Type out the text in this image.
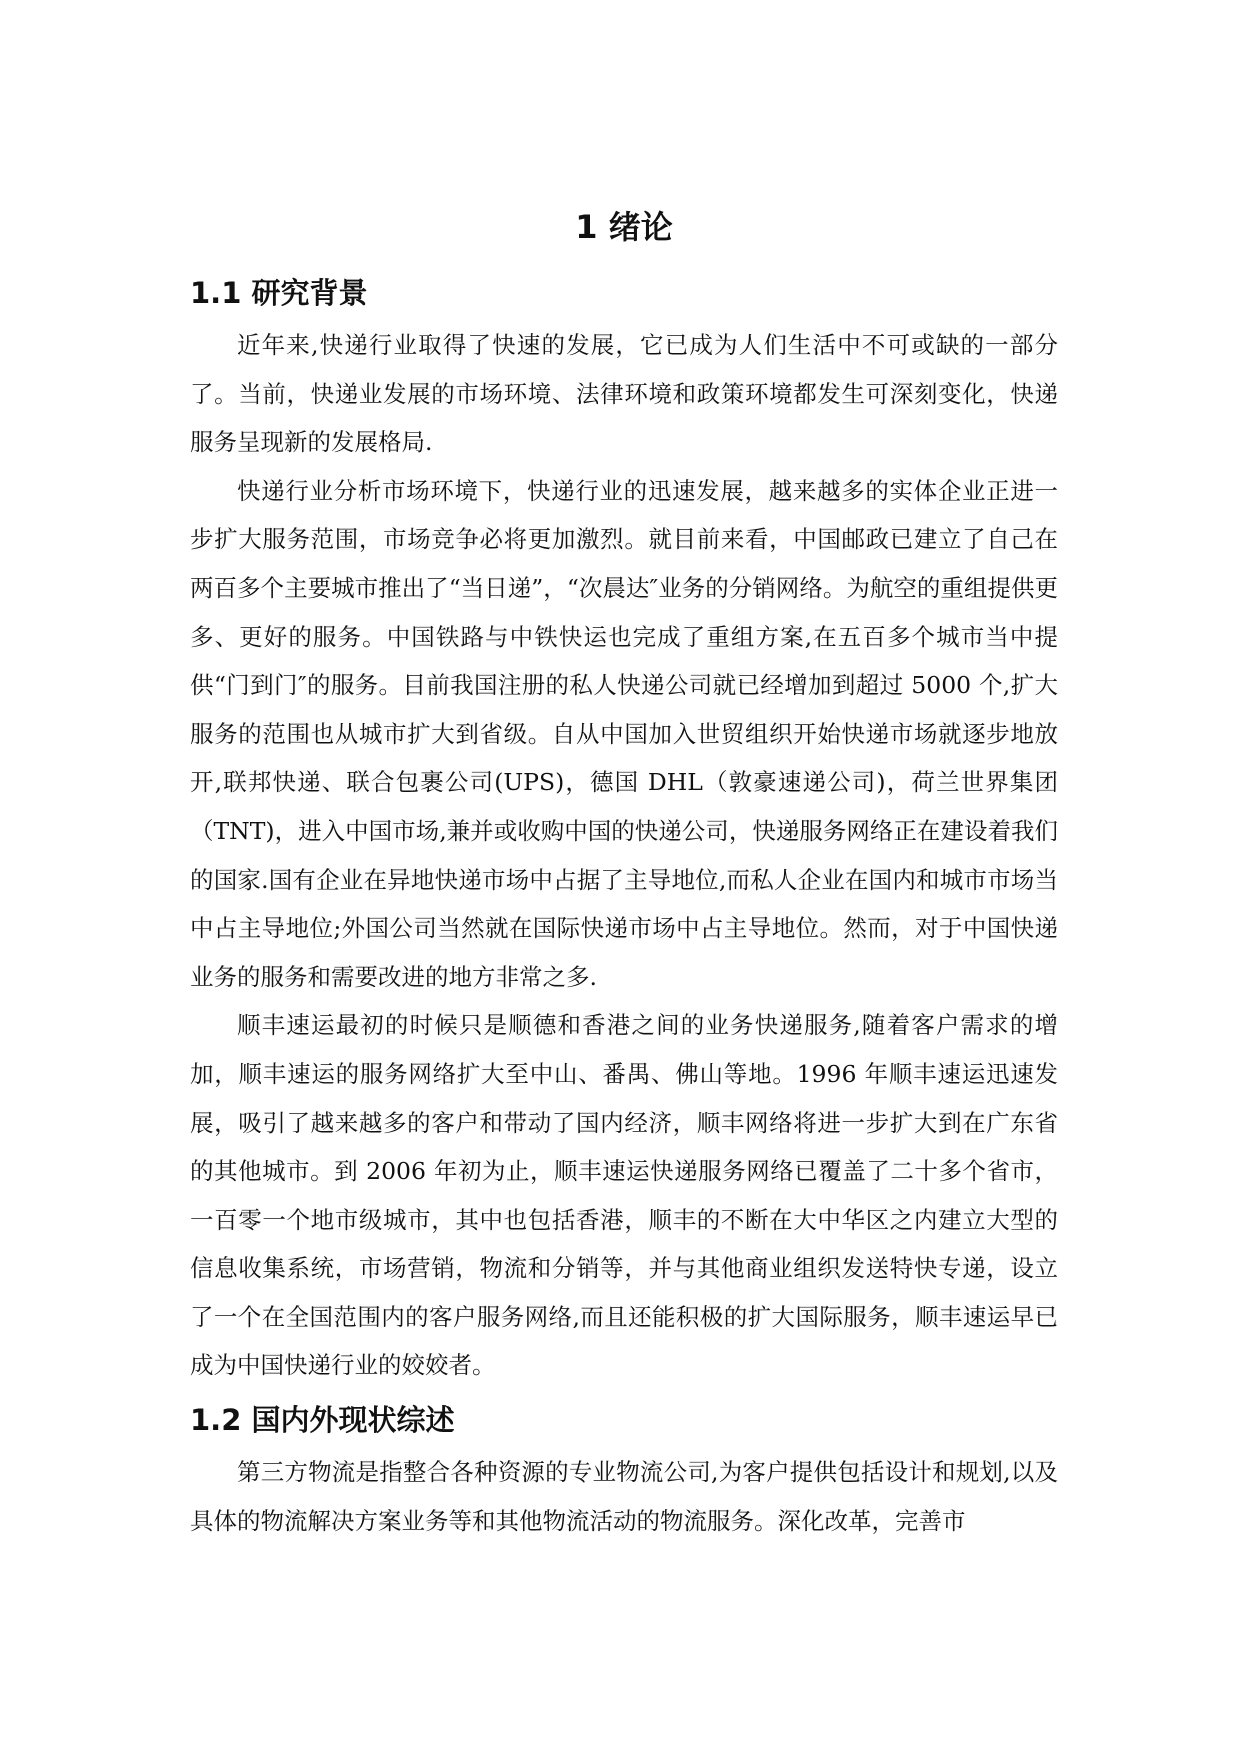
1 绪论
1.1 研究背景

近年来,快递行业取得了快速的发展，它已成为人们生活中不可或缺的一部分了。当前，快递业发展的市场环境、法律环境和政策环境都发生可深刻变化，快递服务呈现新的发展格局.

快递行业分析市场环境下，快递行业的迅速发展，越来越多的实体企业正进一步扩大服务范围，市场竞争必将更加激烈。就目前来看，中国邮政已建立了自己在两百多个主要城市推出了“当日递”，“次晨达″业务的分销网络。为航空的重组提供更多、更好的服务。中国铁路与中铁快运也完成了重组方案,在五百多个城市当中提供“门到门″的服务。目前我国注册的私人快递公司就已经增加到超过 5000 个,扩大服务的范围也从城市扩大到省级。自从中国加入世贸组织开始快递市场就逐步地放开,联邦快递、联合包裹公司(UPS)，德国 DHL（敦豪速递公司)，荷兰世界集团（TNT)，进入中国市场,兼并或收购中国的快递公司，快递服务网络正在建设着我们的国家.国有企业在异地快递市场中占据了主导地位,而私人企业在国内和城市市场当中占主导地位;外国公司当然就在国际快递市场中占主导地位。然而，对于中国快递业务的服务和需要改进的地方非常之多.

顺丰速运最初的时候只是顺德和香港之间的业务快递服务,随着客户需求的增加，顺丰速运的服务网络扩大至中山、番禺、佛山等地。1996 年顺丰速运迅速发展，吸引了越来越多的客户和带动了国内经济，顺丰网络将进一步扩大到在广东省的其他城市。到 2006 年初为止，顺丰速运快递服务网络已覆盖了二十多个省市，一百零一个地市级城市，其中也包括香港，顺丰的不断在大中华区之内建立大型的信息收集系统，市场营销，物流和分销等，并与其他商业组织发送特快专递，设立了一个在全国范围内的客户服务网络,而且还能积极的扩大国际服务，顺丰速运早已成为中国快递行业的姣姣者。

1.2 国内外现状综述

第三方物流是指整合各种资源的专业物流公司,为客户提供包括设计和规划,以及具体的物流解决方案业务等和其他物流活动的物流服务。深化改革，完善市
